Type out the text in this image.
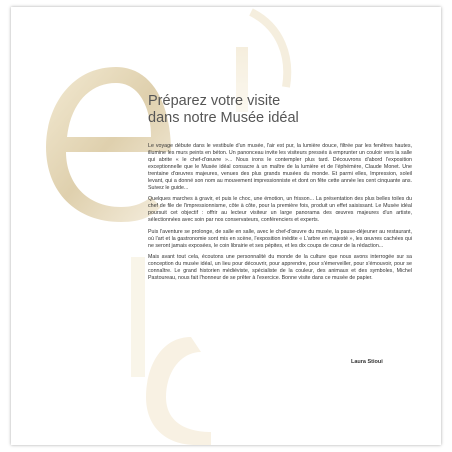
Préparez votre visite
dans notre Musée idéal

Le voyage débute dans le vestibule d'un musée, l'air est pur, la lumière douce, filtrée par les fenêtres hautes, illumine les murs peints en béton. Un panonceau invite les visiteurs pressés à emprunter un couloir vers la salle qui abrite « le chef-d'œuvre »... Nous irons le contempler plus tard. Découvrons d'abord l'exposition exceptionnelle que le Musée idéal consacre à un maître de la lumière et de l'éphémère, Claude Monet. Une trentaine d'œuvres majeures, venues des plus grands musées du monde. Et parmi elles, Impression, soleil levant, qui a donné son nom au mouvement impressionniste et dont on fête cette année les cent cinquante ans. Suivez le guide...

Quelques marches à gravir, et puis le choc, une émotion, un frisson... La présentation des plus belles toiles du chef de file de l'impressionnisme, côte à côte, pour la première fois, produit un effet saisissant. Le Musée idéal poursuit cet objectif : offrir au lecteur visiteur un large panorama des œuvres majeures d'un artiste, sélectionnées avec soin par nos conservateurs, conférenciers et experts.

Puis l'aventure se prolonge, de salle en salle, avec le chef-d'œuvre du musée, la pause-déjeuner au restaurant, où l'art et la gastronomie sont mis en scène, l'exposition inédite « L'arbre en majesté », les œuvres cachées qui ne seront jamais exposées, le coin librairie et ses pépites, et les dix coups de cœur de la rédaction...

Mais avant tout cela, écoutons une personnalité du monde de la culture que nous avons interrogée sur sa conception du musée idéal, un lieu pour découvrir, pour apprendre, pour s'émerveiller, pour s'émouvoir, pour se connaître. Le grand historien médiéviste, spécialiste de la couleur, des animaux et des symboles, Michel Pastoureau, nous fait l'honneur de se prêter à l'exercice. Bonne visite dans ce musée de papier.

Laura Stioui
